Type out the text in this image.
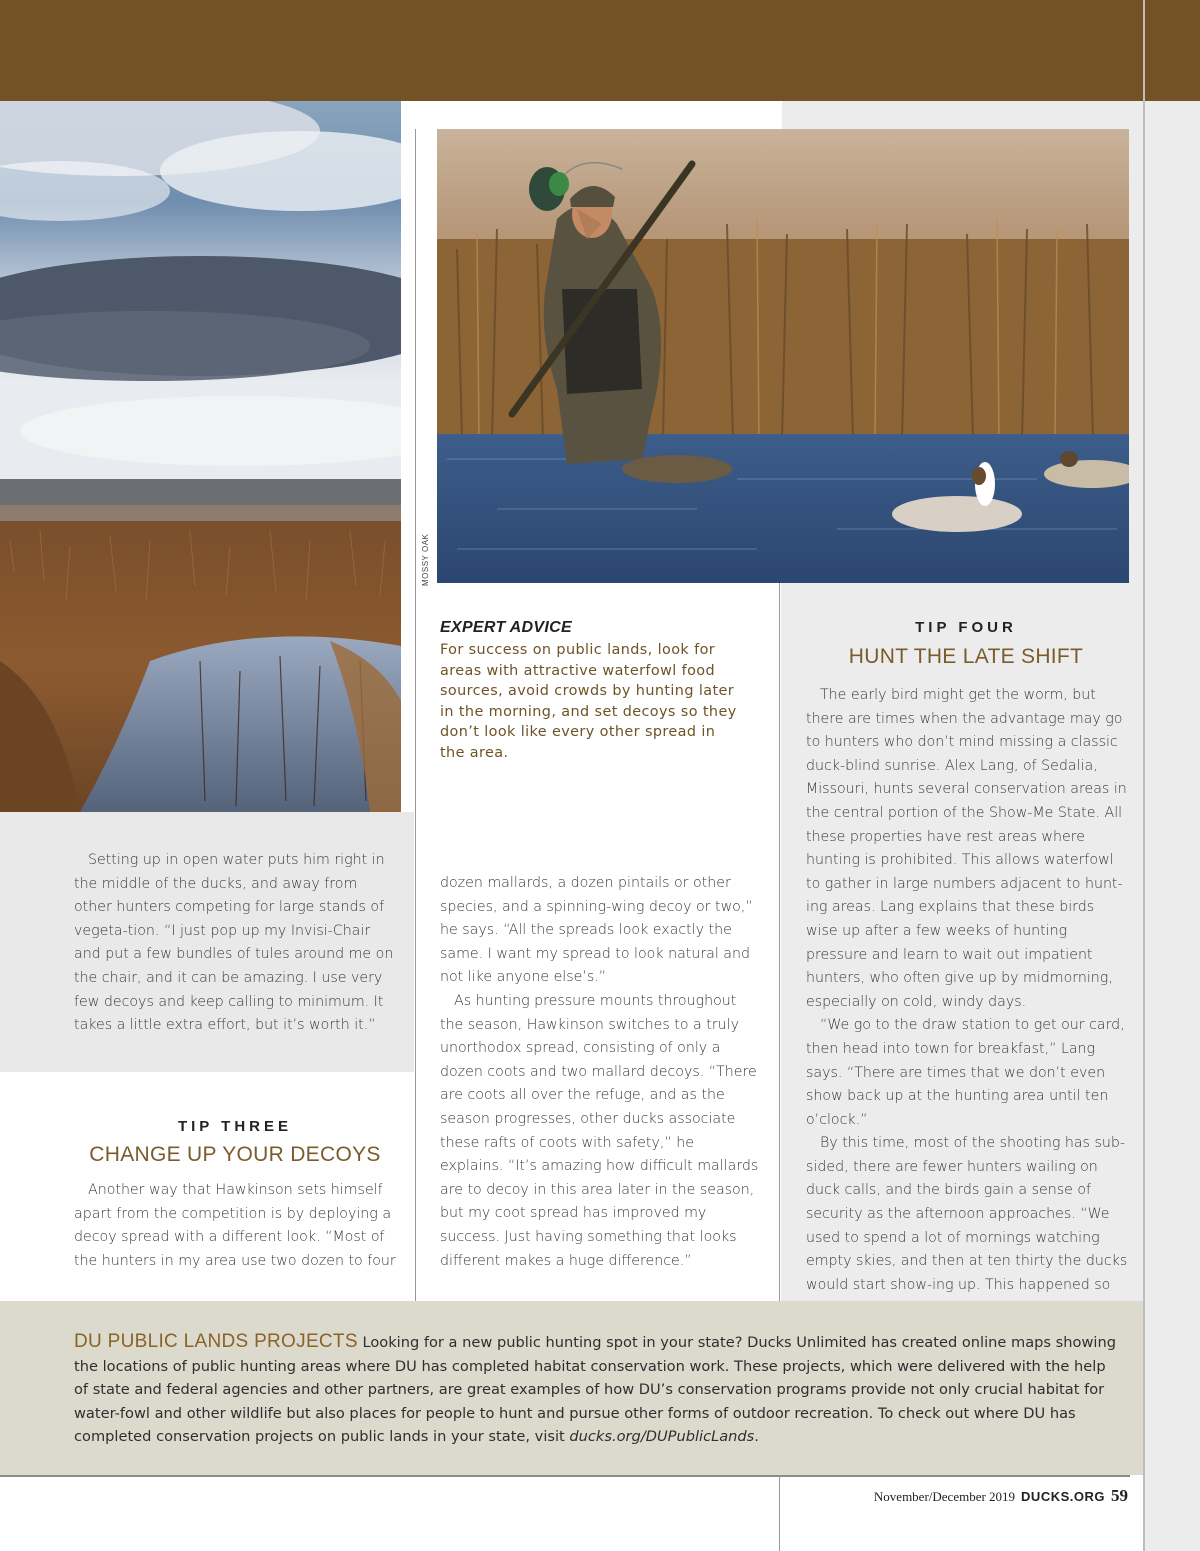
MOSSY OAK
EXPERT ADVICE
For success on public lands, look for areas with attractive waterfowl food sources, avoid crowds by hunting later in the morning, and set decoys so they don’t look like every other spread in the area.

Setting up in open water puts him right in the middle of the ducks, and away from other hunters competing for large stands of vegeta-tion. “I just pop up my Invisi-Chair and put a few bundles of tules around me on the chair, and it can be amazing. I use very few decoys and keep calling to minimum. It takes a little extra effort, but it’s worth it.”

TIP THREE
CHANGE UP YOUR DECOYS

Another way that Hawkinson sets himself apart from the competition is by deploying a decoy spread with a different look. “Most of the hunters in my area use two dozen to four

dozen mallards, a dozen pintails or other species, and a spinning-wing decoy or two,” he says. “All the spreads look exactly the same. I want my spread to look natural and not like anyone else’s.”

As hunting pressure mounts throughout the season, Hawkinson switches to a truly unorthodox spread, consisting of only a dozen coots and two mallard decoys. “There are coots all over the refuge, and as the season progresses, other ducks associate these rafts of coots with safety,” he explains. “It’s amazing how difficult mallards are to decoy in this area later in the season, but my coot spread has improved my success. Just having something that looks different makes a huge difference.”

TIP FOUR
HUNT THE LATE SHIFT

The early bird might get the worm, but there are times when the advantage may go to hunters who don’t mind missing a classic duck-blind sunrise. Alex Lang, of Sedalia, Missouri, hunts several conservation areas in the central portion of the Show-Me State. All these properties have rest areas where hunting is prohibited. This allows waterfowl to gather in large numbers adjacent to hunt-ing areas. Lang explains that these birds wise up after a few weeks of hunting pressure and learn to wait out impatient hunters, who often give up by midmorning, especially on cold, windy days.

“We go to the draw station to get our card, then head into town for breakfast,” Lang says. “There are times that we don’t even show back up at the hunting area until ten o’clock.”

By this time, most of the shooting has sub-sided, there are fewer hunters wailing on duck calls, and the birds gain a sense of security as the afternoon approaches. “We used to spend a lot of mornings watching empty skies, and then at ten thirty the ducks would start show-ing up. This happened so

DU PUBLIC LANDS PROJECTS Looking for a new public hunting spot in your state? Ducks Unlimited has created online maps showing the locations of public hunting areas where DU has completed habitat conservation work. These projects, which were delivered with the help of state and federal agencies and other partners, are great examples of how DU’s conservation programs provide not only crucial habitat for water-fowl and other wildlife but also places for people to hunt and pursue other forms of outdoor recreation. To check out where DU has completed conservation projects on public lands in your state, visit ducks.org/DUPublicLands.
November/December 2019 DUCKS.ORG 59
